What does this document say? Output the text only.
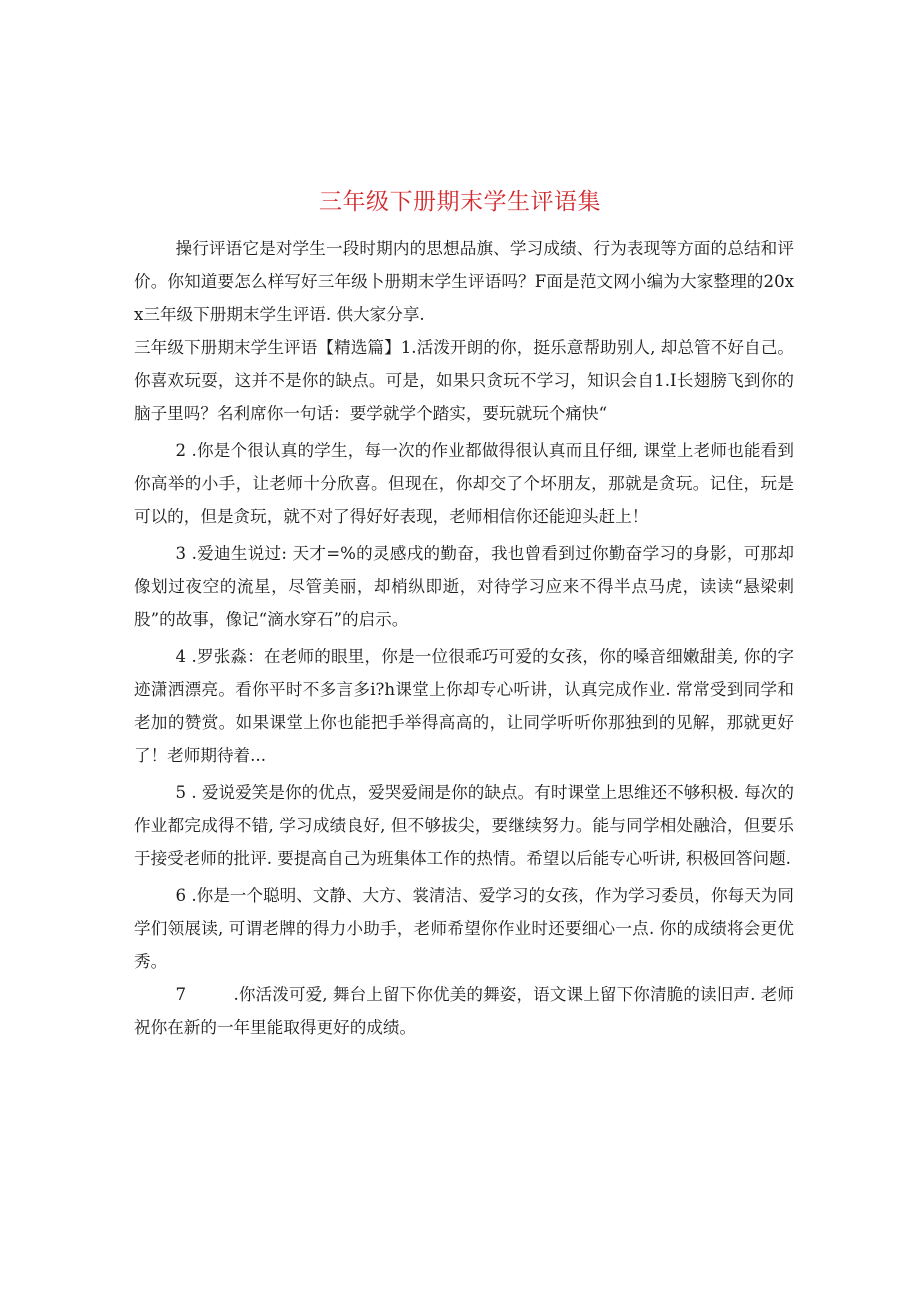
三年级下册期末学生评语集

操行评语它是对学生一段时期内的思想品旗、学习成绩、行为表现等方面的总结和评价。你知道要怎么样写好三年级卜册期末学生评语吗？F面是范文网小编为大家整理的20xx三年级下册期末学生评语. 供大家分享.

三年级下册期末学生评语【精选篇】1.活泼开朗的你，挺乐意帮助别人, 却总管不好自己。你喜欢玩耍，这并不是你的缺点。可是，如果只贪玩不学习，知识会自1.I长翅膀飞到你的脑子里吗？名利席你一句话：要学就学个踏实，要玩就玩个痛快“

2 .你是个很认真的学生，每一次的作业都做得很认真而且仔细, 课堂上老师也能看到你高举的小手，让老师十分欣喜。但现在，你却交了个坏朋友，那就是贪玩。记住，玩是可以的，但是贪玩，就不对了得好好表现，老师相信你还能迎头赶上！

3 .爱迪生说过: 天才=%的灵感戌的勤奋，我也曾看到过你勤奋学习的身影，可那却像划过夜空的流星，尽管美丽，却梢纵即逝，对待学习应来不得半点马虎，读读“悬梁刺股”的故事，像记“滴水穿石”的启示。

4 .罗张淼：在老师的眼里，你是一位很乖巧可爱的女孩，你的嗓音细嫩甜美, 你的字迹潇洒漂亮。看你平时不多言多i?h课堂上你却专心听讲，认真完成作业. 常常受到同学和老加的赞赏。如果课堂上你也能把手举得高高的，让同学听听你那独到的见解，那就更好了！老师期待着...

5 . 爱说爱笑是你的优点，爱哭爱闹是你的缺点。有时课堂上思维还不够积极. 每次的作业都完成得不错, 学习成绩良好, 但不够拔尖，要继续努力。能与同学相处融洽，但要乐于接受老师的批评. 要提高自己为班集体工作的热情。希望以后能专心听讲, 积极回答问题.

6 .你是一个聪明、文静、大方、裳清洁、爱学习的女孩，作为学习委员，你每天为同学们领展读, 可谓老牌的得力小助手，老师希望你作业时还要细心一点. 你的成绩将会更优秀。

7	.你活泼可爱, 舞台上留下你优美的舞姿，语文课上留下你清脆的读旧声. 老师祝你在新的一年里能取得更好的成绩。
